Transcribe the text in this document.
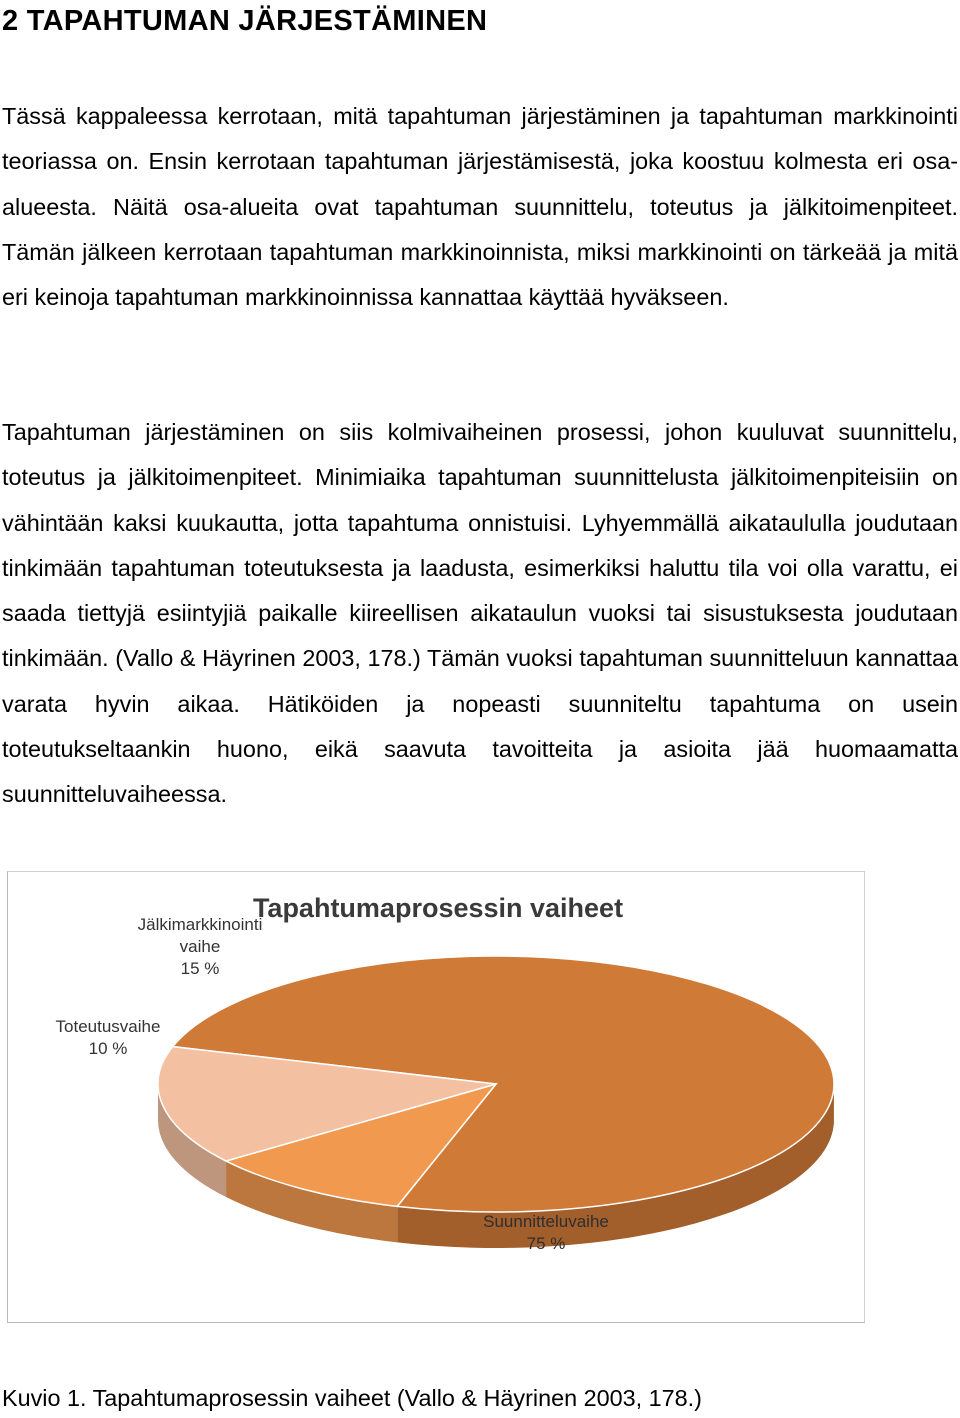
2 TAPAHTUMAN JÄRJESTÄMINEN

Tässä kappaleessa kerrotaan, mitä tapahtuman järjestäminen ja tapahtuman markkinointi teoriassa on. Ensin kerrotaan tapahtuman järjestämisestä, joka koostuu kolmesta eri osa-alueesta. Näitä osa-alueita ovat tapahtuman suunnittelu, toteutus ja jälkitoimenpiteet. Tämän jälkeen kerrotaan tapahtuman markkinoinnista, miksi markkinointi on tärkeää ja mitä eri keinoja tapahtuman markkinoinnissa kannattaa käyttää hyväkseen.

Tapahtuman järjestäminen on siis kolmivaiheinen prosessi, johon kuuluvat suunnittelu, toteutus ja jälkitoimenpiteet. Minimiaika tapahtuman suunnittelusta jälkitoimenpiteisiin on vähintään kaksi kuukautta, jotta tapahtuma onnistuisi. Lyhyemmällä aikataululla joudutaan tinkimään tapahtuman toteutuksesta ja laadusta, esimerkiksi haluttu tila voi olla varattu, ei saada tiettyjä esiintyjiä paikalle kiireellisen aikataulun vuoksi tai sisustuksesta joudutaan tinkimään. (Vallo & Häyrinen 2003, 178.) Tämän vuoksi tapahtuman suunnitteluun kannattaa varata hyvin aikaa. Hätiköiden ja nopeasti suunniteltu tapahtuma on usein toteutukseltaankin huono, eikä saavuta tavoitteita ja asioita jää huomaamatta suunnitteluvaiheessa.

Tapahtumaprosessin vaiheet
Suunnitteluvaihe 75 %
Toteutusvaihe 10 %
Jälkimarkkinointi vaihe 15 %

Kuvio 1. Tapahtumaprosessin vaiheet (Vallo & Häyrinen 2003, 178.)
